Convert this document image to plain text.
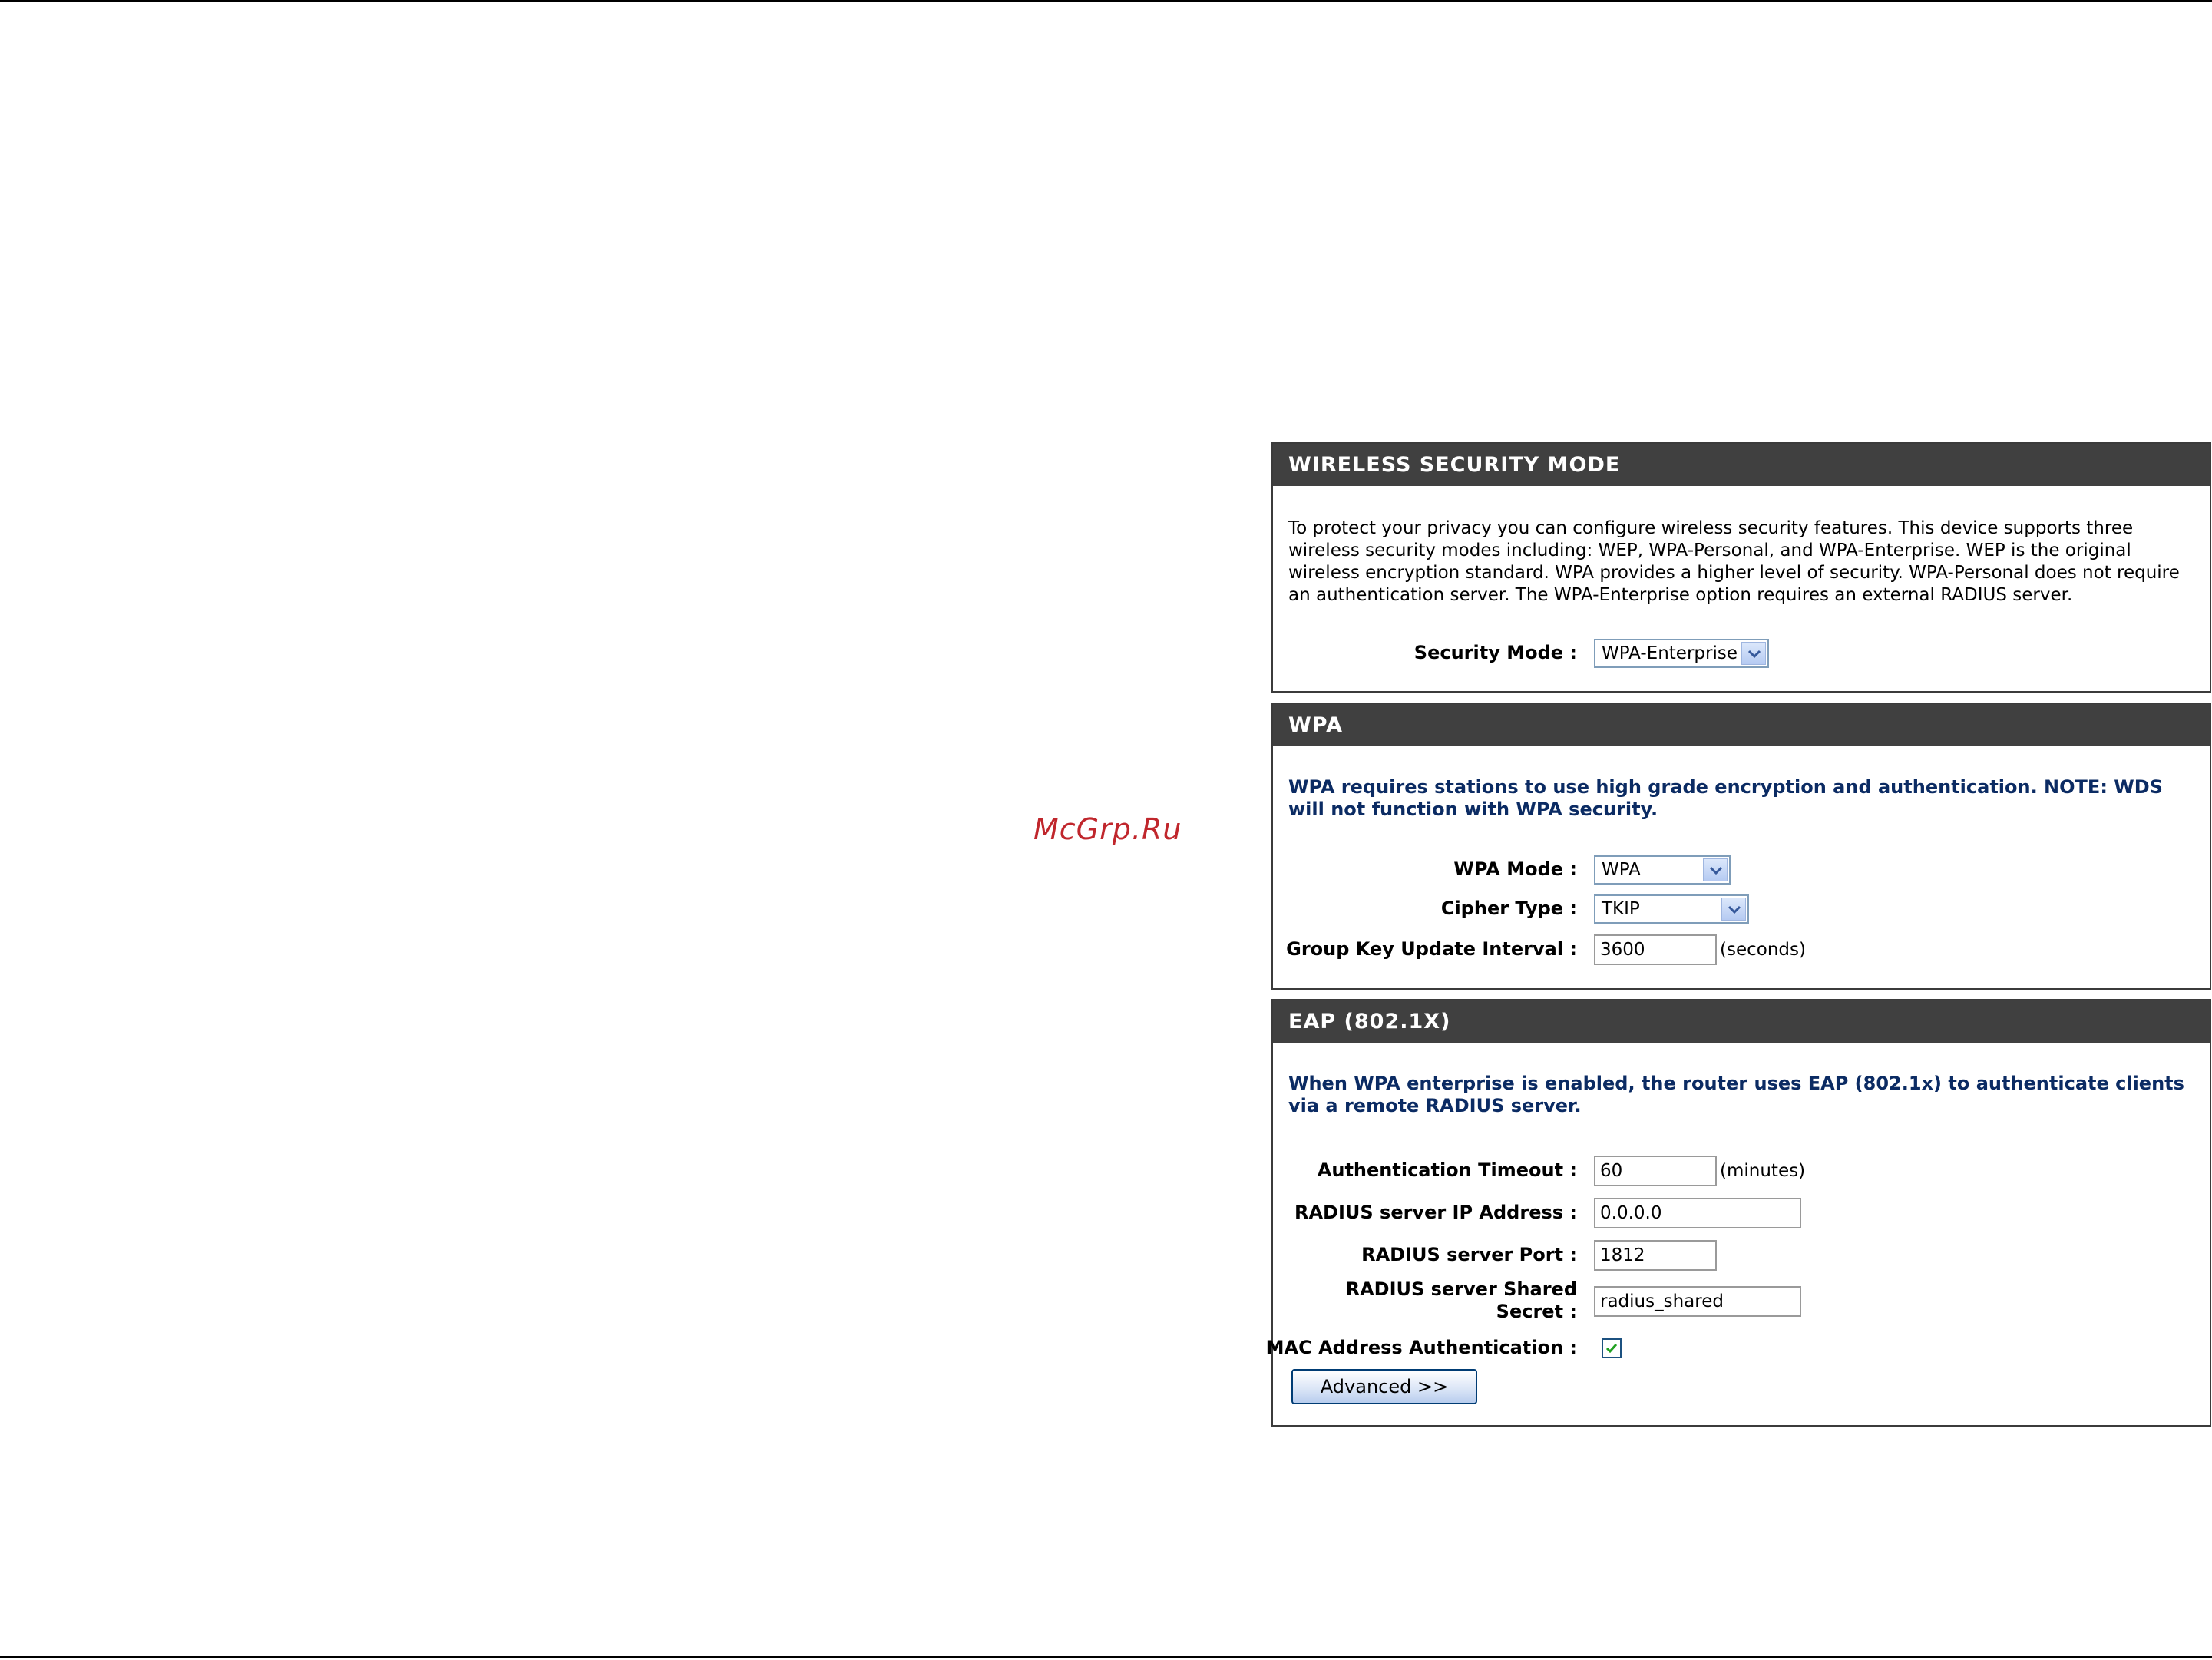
McGrp.Ru
WIRELESS SECURITY MODE
To protect your privacy you can configure wireless security features. This device supports three wireless security modes including: WEP, WPA-Personal, and WPA-Enterprise. WEP is the original wireless encryption standard. WPA provides a higher level of security. WPA-Personal does not require an authentication server. The WPA-Enterprise option requires an external RADIUS server.
Security Mode :	WPA-Enterprise
WPA
WPA requires stations to use high grade encryption and authentication. NOTE: WDS will not function with WPA security.
WPA Mode :	WPA
Cipher Type :	TKIP
Group Key Update Interval :	3600	(seconds)
EAP (802.1X)
When WPA enterprise is enabled, the router uses EAP (802.1x) to authenticate clients via a remote RADIUS server.
Authentication Timeout :	60	(minutes)
RADIUS server IP Address :	0.0.0.0
RADIUS server Port :	1812
RADIUS server Shared
Secret :	radius_shared
MAC Address Authentication :
Advanced >>
